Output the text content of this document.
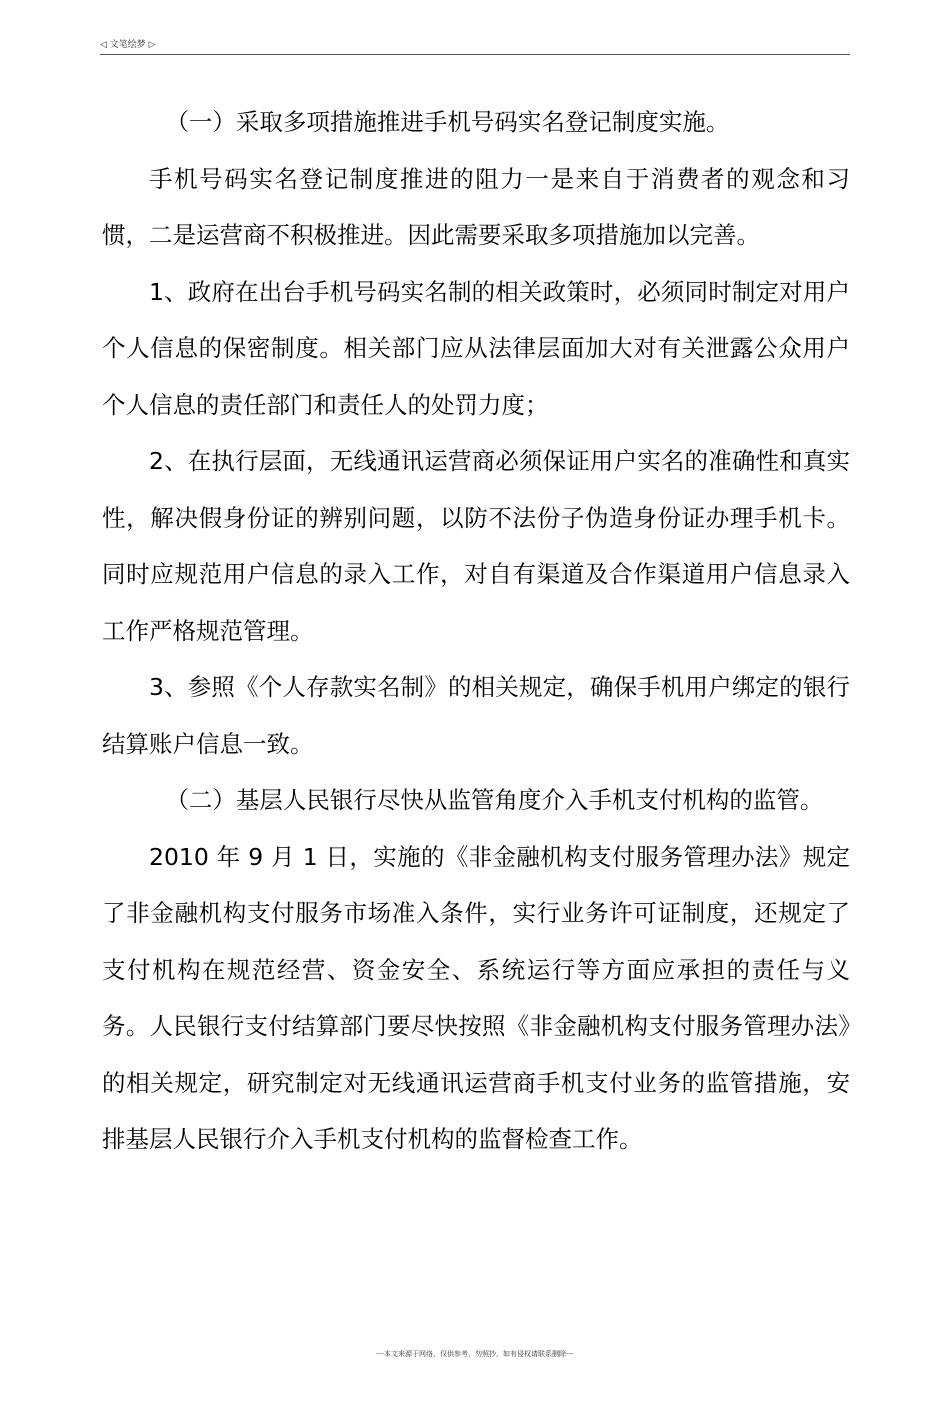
◁ 文笔绘梦 ▷

（一）采取多项措施推进手机号码实名登记制度实施。

手机号码实名登记制度推进的阻力一是来自于消费者的观念和习惯，二是运营商不积极推进。因此需要采取多项措施加以完善。

1、政府在出台手机号码实名制的相关政策时，必须同时制定对用户个人信息的保密制度。相关部门应从法律层面加大对有关泄露公众用户个人信息的责任部门和责任人的处罚力度；

2、在执行层面，无线通讯运营商必须保证用户实名的准确性和真实性，解决假身份证的辨别问题，以防不法份子伪造身份证办理手机卡。同时应规范用户信息的录入工作，对自有渠道及合作渠道用户信息录入工作严格规范管理。

3、参照《个人存款实名制》的相关规定，确保手机用户绑定的银行结算账户信息一致。

（二）基层人民银行尽快从监管角度介入手机支付机构的监管。

2010 年 9 月 1 日，实施的《非金融机构支付服务管理办法》规定了非金融机构支付服务市场准入条件，实行业务许可证制度，还规定了支付机构在规范经营、资金安全、系统运行等方面应承担的责任与义务。人民银行支付结算部门要尽快按照《非金融机构支付服务管理办法》的相关规定，研究制定对无线通讯运营商手机支付业务的监管措施，安排基层人民银行介入手机支付机构的监督检查工作。

---本文来源于网络，仅供参考，勿照抄，如有侵权请联系删除---
